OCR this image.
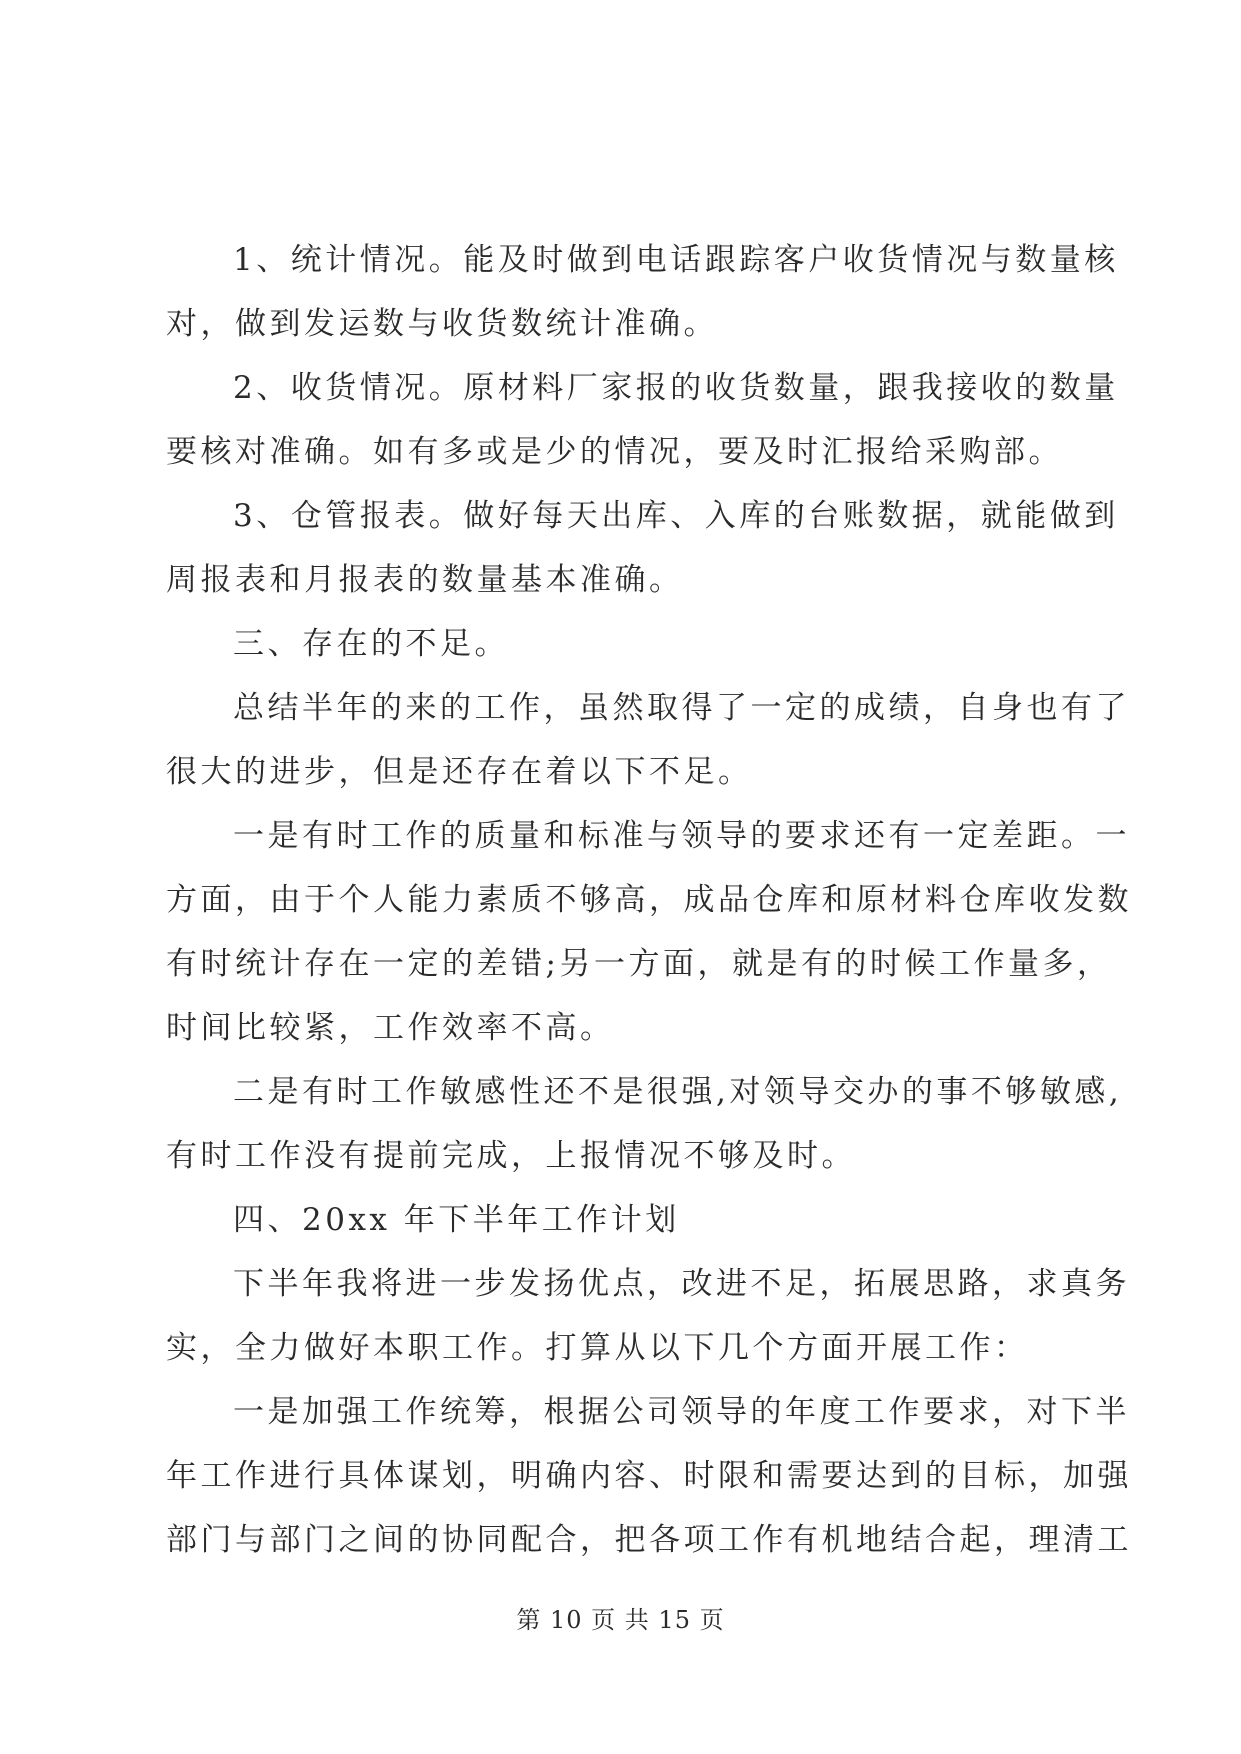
1、统计情况。能及时做到电话跟踪客户收货情况与数量核
对，做到发运数与收货数统计准确。

2、收货情况。原材料厂家报的收货数量，跟我接收的数量
要核对准确。如有多或是少的情况，要及时汇报给采购部。

3、仓管报表。做好每天出库、入库的台账数据，就能做到
周报表和月报表的数量基本准确。

三、存在的不足。

总结半年的来的工作，虽然取得了一定的成绩，自身也有了
很大的进步，但是还存在着以下不足。

一是有时工作的质量和标准与领导的要求还有一定差距。一
方面，由于个人能力素质不够高，成品仓库和原材料仓库收发数
有时统计存在一定的差错;另一方面，就是有的时候工作量多，
时间比较紧，工作效率不高。

二是有时工作敏感性还不是很强,对领导交办的事不够敏感,
有时工作没有提前完成，上报情况不够及时。

四、20xx 年下半年工作计划

下半年我将进一步发扬优点，改进不足，拓展思路，求真务
实，全力做好本职工作。打算从以下几个方面开展工作：

一是加强工作统筹，根据公司领导的年度工作要求，对下半
年工作进行具体谋划，明确内容、时限和需要达到的目标，加强
部门与部门之间的协同配合，把各项工作有机地结合起，理清工

第 10 页 共 15 页
